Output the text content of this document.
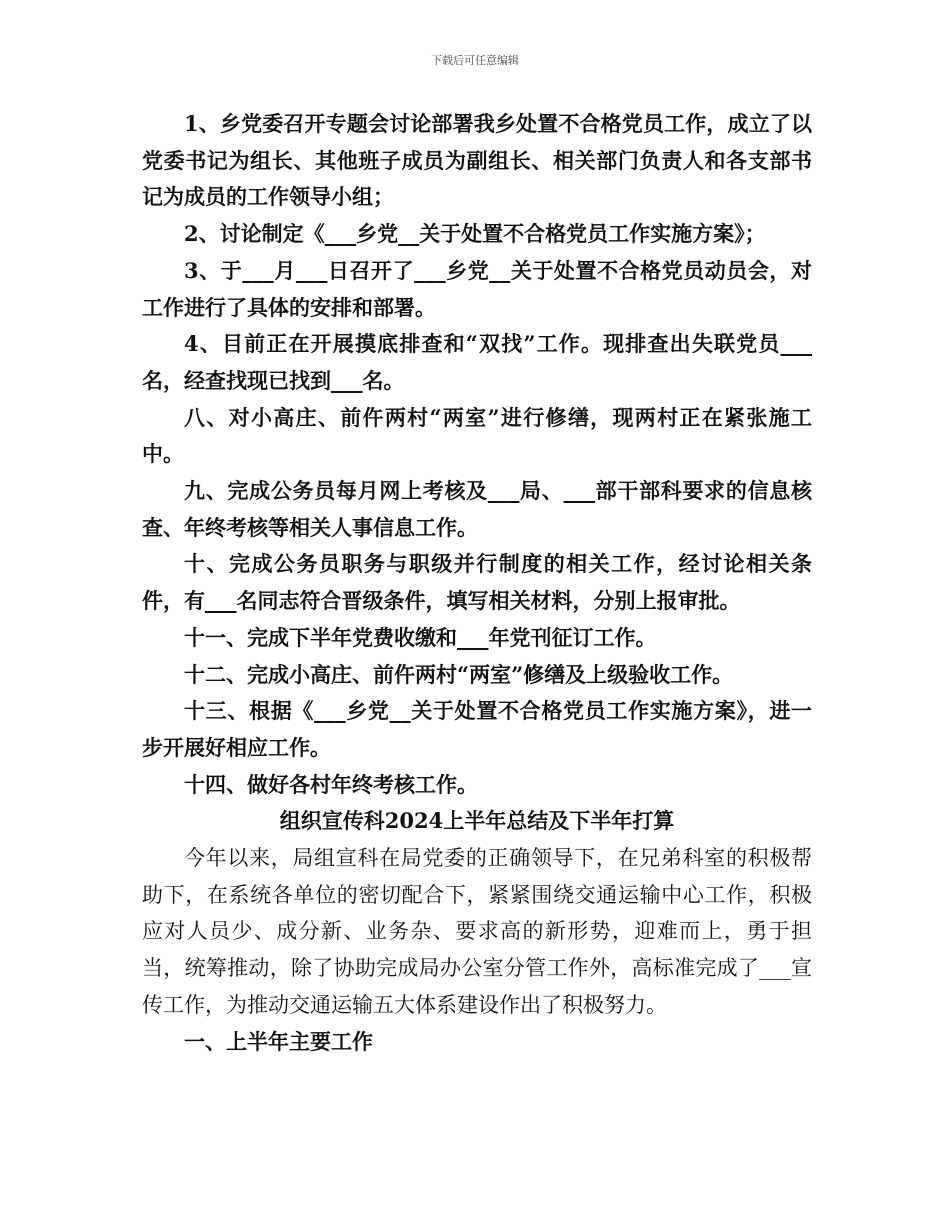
下载后可任意编辑

1、乡党委召开专题会讨论部署我乡处置不合格党员工作，成立了以党委书记为组长、其他班子成员为副组长、相关部门负责人和各支部书记为成员的工作领导小组；

2、讨论制定《___乡党__关于处置不合格党员工作实施方案》；

3、于___月___日召开了___乡党__关于处置不合格党员动员会，对工作进行了具体的安排和部署。

4、目前正在开展摸底排查和“双找”工作。现排查出失联党员___名，经查找现已找到___名。

八、对小高庄、前仵两村“两室”进行修缮，现两村正在紧张施工中。

九、完成公务员每月网上考核及___局、___部干部科要求的信息核查、年终考核等相关人事信息工作。

十、完成公务员职务与职级并行制度的相关工作，经讨论相关条件，有___名同志符合晋级条件，填写相关材料，分别上报审批。

十一、完成下半年党费收缴和___年党刊征订工作。

十二、完成小高庄、前仵两村“两室”修缮及上级验收工作。

十三、根据《___乡党__关于处置不合格党员工作实施方案》，进一步开展好相应工作。

十四、做好各村年终考核工作。

组织宣传科2024上半年总结及下半年打算

今年以来，局组宣科在局党委的正确领导下，在兄弟科室的积极帮助下，在系统各单位的密切配合下，紧紧围绕交通运输中心工作，积极应对人员少、成分新、业务杂、要求高的新形势，迎难而上，勇于担当，统筹推动，除了协助完成局办公室分管工作外，高标准完成了___宣传工作，为推动交通运输五大体系建设作出了积极努力。

一、上半年主要工作
